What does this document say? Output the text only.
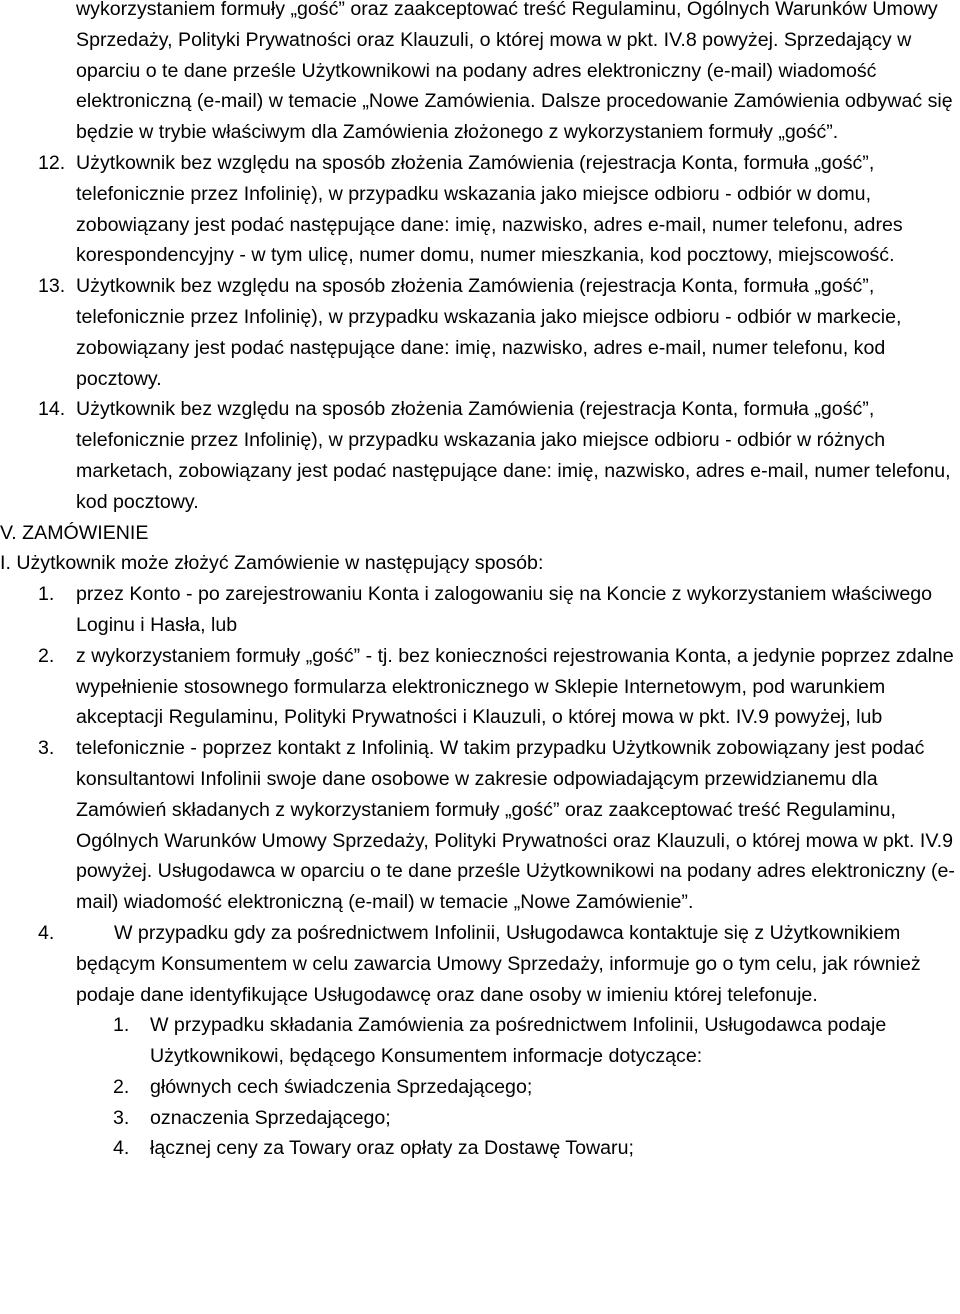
wykorzystaniem formuły „gość” oraz zaakceptować treść Regulaminu, Ogólnych Warunków Umowy Sprzedaży, Polityki Prywatności oraz Klauzuli, o której mowa w pkt. IV.8 powyżej. Sprzedający w oparciu o te dane prześle Użytkownikowi na podany adres elektroniczny (e-mail) wiadomość elektroniczną (e-mail) w temacie „Nowe Zamówienia. Dalsze procedowanie Zamówienia odbywać się będzie w trybie właściwym dla Zamówienia złożonego z wykorzystaniem formuły „gość”.

12. Użytkownik bez względu na sposób złożenia Zamówienia (rejestracja Konta, formuła „gość”, telefonicznie przez Infolinię), w przypadku wskazania jako miejsce odbioru - odbiór w domu, zobowiązany jest podać następujące dane: imię, nazwisko, adres e-mail, numer telefonu, adres korespondencyjny - w tym ulicę, numer domu, numer mieszkania, kod pocztowy, miejscowość.
13. Użytkownik bez względu na sposób złożenia Zamówienia (rejestracja Konta, formuła „gość”, telefonicznie przez Infolinię), w przypadku wskazania jako miejsce odbioru - odbiór w markecie, zobowiązany jest podać następujące dane: imię, nazwisko, adres e-mail, numer telefonu, kod pocztowy.
14. Użytkownik bez względu na sposób złożenia Zamówienia (rejestracja Konta, formuła „gość”, telefonicznie przez Infolinię), w przypadku wskazania jako miejsce odbioru - odbiór w różnych marketach, zobowiązany jest podać następujące dane: imię, nazwisko, adres e-mail, numer telefonu, kod pocztowy.

V. ZAMÓWIENIE

I. Użytkownik może złożyć Zamówienie w następujący sposób:

1. przez Konto - po zarejestrowaniu Konta i zalogowaniu się na Koncie z wykorzystaniem właściwego Loginu i Hasła, lub
2. z wykorzystaniem formuły „gość” - tj. bez konieczności rejestrowania Konta, a jedynie poprzez zdalne wypełnienie stosownego formularza elektronicznego w Sklepie Internetowym, pod warunkiem akceptacji Regulaminu, Polityki Prywatności i Klauzuli, o której mowa w pkt. IV.9 powyżej, lub
3. telefonicznie - poprzez kontakt z Infolinią. W takim przypadku Użytkownik zobowiązany jest podać konsultantowi Infolinii swoje dane osobowe w zakresie odpowiadającym przewidzianemu dla Zamówień składanych z wykorzystaniem formuły „gość” oraz zaakceptować treść Regulaminu, Ogólnych Warunków Umowy Sprzedaży, Polityki Prywatności oraz Klauzuli, o której mowa w pkt. IV.9 powyżej. Usługodawca w oparciu o te dane prześle Użytkownikowi na podany adres elektroniczny (e-mail) wiadomość elektroniczną (e-mail) w temacie „Nowe Zamówienie”.
4.	W przypadku gdy za pośrednictwem Infolinii, Usługodawca kontaktuje się z Użytkownikiem będącym Konsumentem w celu zawarcia Umowy Sprzedaży, informuje go o tym celu, jak również podaje dane identyfikujące Usługodawcę oraz dane osoby w imieniu której telefonuje.
1. W przypadku składania Zamówienia za pośrednictwem Infolinii, Usługodawca podaje Użytkownikowi, będącego Konsumentem informacje dotyczące:
2. głównych cech świadczenia Sprzedającego;
3. oznaczenia Sprzedającego;
4. łącznej ceny za Towary oraz opłaty za Dostawę Towaru;
